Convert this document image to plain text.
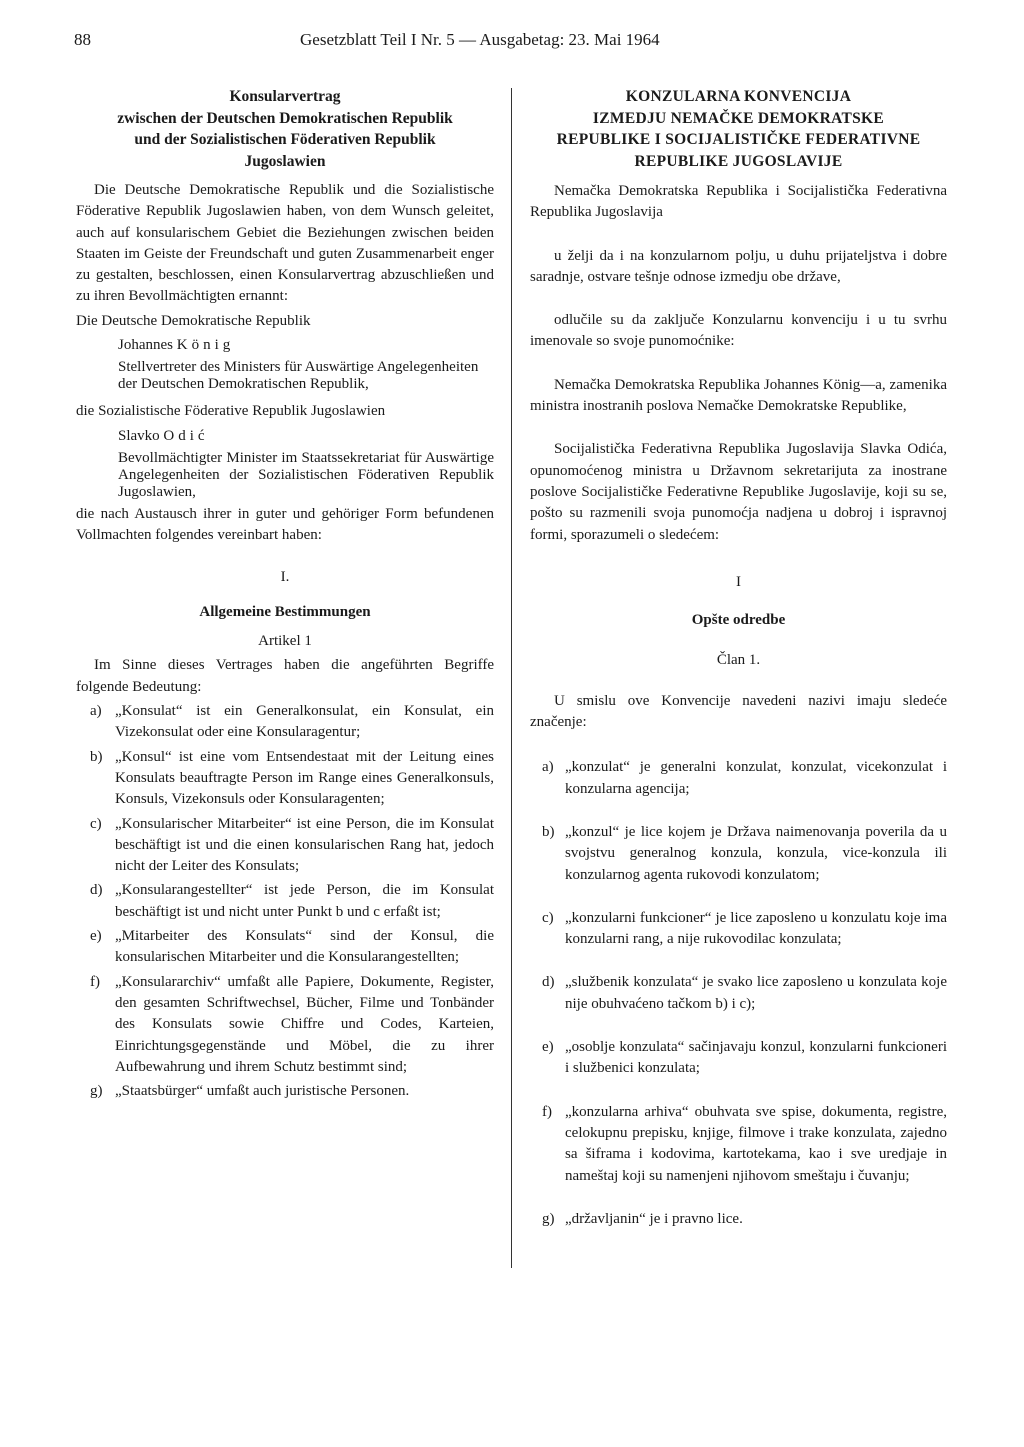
88	Gesetzblatt Teil I Nr. 5 — Ausgabetag: 23. Mai 1964
Konsularvertrag
zwischen der Deutschen Demokratischen Republik
und der Sozialistischen Föderativen Republik
Jugoslawien

Die Deutsche Demokratische Republik und die Sozialistische Föderative Republik Jugoslawien haben, von dem Wunsch geleitet, auch auf konsularischem Gebiet die Beziehungen zwischen beiden Staaten im Geiste der Freundschaft und guten Zusammenarbeit enger zu gestalten, beschlossen, einen Konsularvertrag abzuschließen und zu ihren Bevollmächtigten ernannt:

Die Deutsche Demokratische Republik

Johannes König

Stellvertreter des Ministers für Auswärtige Angelegenheiten der Deutschen Demokratischen Republik,

die Sozialistische Föderative Republik Jugoslawien

Slavko Odić

Bevollmächtigter Minister im Staatssekretariat für Auswärtige Angelegenheiten der Sozialistischen Föderativen Republik Jugoslawien,

die nach Austausch ihrer in guter und gehöriger Form befundenen Vollmachten folgendes vereinbart haben:

I.

Allgemeine Bestimmungen

Artikel 1

Im Sinne dieses Vertrages haben die angeführten Begriffe folgende Bedeutung:

a) „Konsulat“ ist ein Generalkonsulat, ein Konsulat, ein Vizekonsulat oder eine Konsularagentur;
b) „Konsul“ ist eine vom Entsendestaat mit der Leitung eines Konsulats beauftragte Person im Range eines Generalkonsuls, Konsuls, Vizekonsuls oder Konsularagenten;
c) „Konsularischer Mitarbeiter“ ist eine Person, die im Konsulat beschäftigt ist und die einen konsularischen Rang hat, jedoch nicht der Leiter des Konsulats;
d) „Konsularangestellter“ ist jede Person, die im Konsulat beschäftigt ist und nicht unter Punkt b und c erfaßt ist;
e) „Mitarbeiter des Konsulats“ sind der Konsul, die konsularischen Mitarbeiter und die Konsularangestellten;
f) „Konsulararchiv“ umfaßt alle Papiere, Dokumente, Register, den gesamten Schriftwechsel, Bücher, Filme und Tonbänder des Konsulats sowie Chiffre und Codes, Karteien, Einrichtungsgegenstände und Möbel, die zu ihrer Aufbewahrung und ihrem Schutz bestimmt sind;
g) „Staatsbürger“ umfaßt auch juristische Personen.
KONZULARNA KONVENCIJA
IZMEDJU NEMAČKE DEMOKRATSKE
REPUBLIKE I SOCIJALISTIČKE FEDERATIVNE
REPUBLIKE JUGOSLAVIJE

Nemačka Demokratska Republika i Socijalistička Federativna Republika Jugoslavija

u želji da i na konzularnom polju, u duhu prijateljstva i dobre saradnje, ostvare tešnje odnose izmedju obe države,

odlučile su da zaključe Konzularnu konvenciju i u tu svrhu imenovale so svoje punomoćnike:

Nemačka Demokratska Republika Johannes König—a, zamenika ministra inostranih poslova Nemačke Demokratske Republike,

Socijalistička Federativna Republika Jugoslavija Slavka Odića, opunomoćenog ministra u Državnom sekretarijuta za inostrane poslove Socijalističke Federativne Republike Jugoslavije, koji su se, pošto su razmenili svoja punomoćja nadjena u dobroj i ispravnoj formi, sporazumeli o sledećem:

I

Opšte odredbe

Član 1.

U smislu ove Konvencije navedeni nazivi imaju sledeće značenje:

a) „konzulat“ je generalni konzulat, konzulat, vicekonzulat i konzularna agencija;
b) „konzul“ je lice kojem je Država naimenovanja poverila da u svojstvu generalnog konzula, konzula, vice-konzula ili konzularnog agenta rukovodi konzulatom;
c) „konzularni funkcioner“ je lice zaposleno u konzulatu koje ima konzularni rang, a nije rukovodilac konzulata;
d) „službenik konzulata“ je svako lice zaposleno u konzulata koje nije obuhvaćeno tačkom b) i c);
e) „osoblje konzulata“ sačinjavaju konzul, konzularni funkcioneri i službenici konzulata;
f) „konzularna arhiva“ obuhvata sve spise, dokumenta, registre, celokupnu prepisku, knjige, filmove i trake konzulata, zajedno sa šiframa i kodovima, kartotekama, kao i sve uredjaje in nameštaj koji su namenjeni njihovom smeštaju i čuvanju;
g) „državljanin“ je i pravno lice.
